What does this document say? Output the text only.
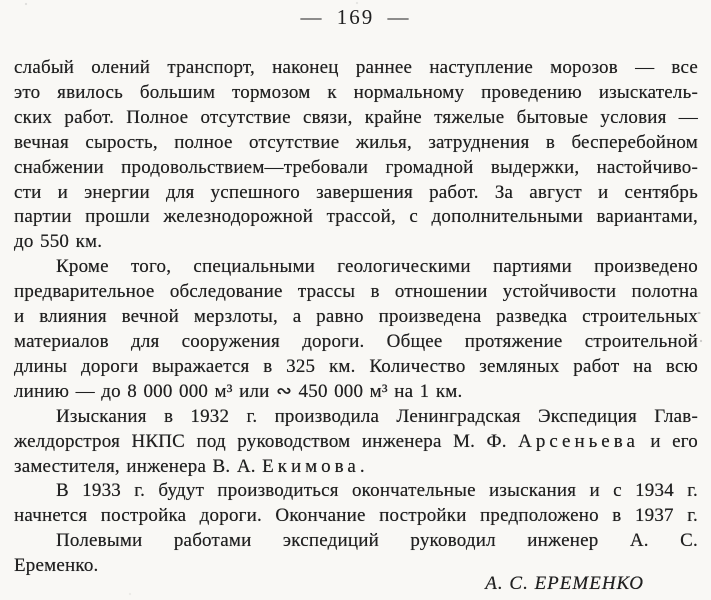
— 169 —
слабый олений транспорт, наконец раннее наступление морозов — все
это явилось большим тормозом к нормальному проведению изыскатель-
ских работ. Полное отсутствие связи, крайне тяжелые бытовые условия —
вечная сырость, полное отсутствие жилья, затруднения в бесперебойном
снабжении продовольствием—требовали громадной выдержки, настойчиво-
сти и энергии для успешного завершения работ. За август и сентябрь
партии прошли железнодорожной трассой, с дополнительными вариантами,
до 550 км.
Кроме того, специальными геологическими партиями произведено
предварительное обследование трассы в отношении устойчивости полотна
и влияния вечной мерзлоты, а равно произведена разведка строительных
материалов для сооружения дороги. Общее протяжение строительной
длины дороги выражается в 325 км. Количество земляных работ на всю
линию — до 8 000 000 м³ или ∾ 450 000 м³ на 1 км.
Изыскания в 1932 г. производила Ленинградская Экспедиция Глав-
желдорстроя НКПС под руководством инженера М. Ф. Арсеньева и его
заместителя, инженера В. А. Екимова.
В 1933 г. будут производиться окончательные изыскания и с 1934 г.
начнется постройка дороги. Окончание постройки предположено в 1937 г.
Полевыми работами экспедиций руководил инженер А. С.
Еременко.
А. С. ЕРЕМЕНКО
